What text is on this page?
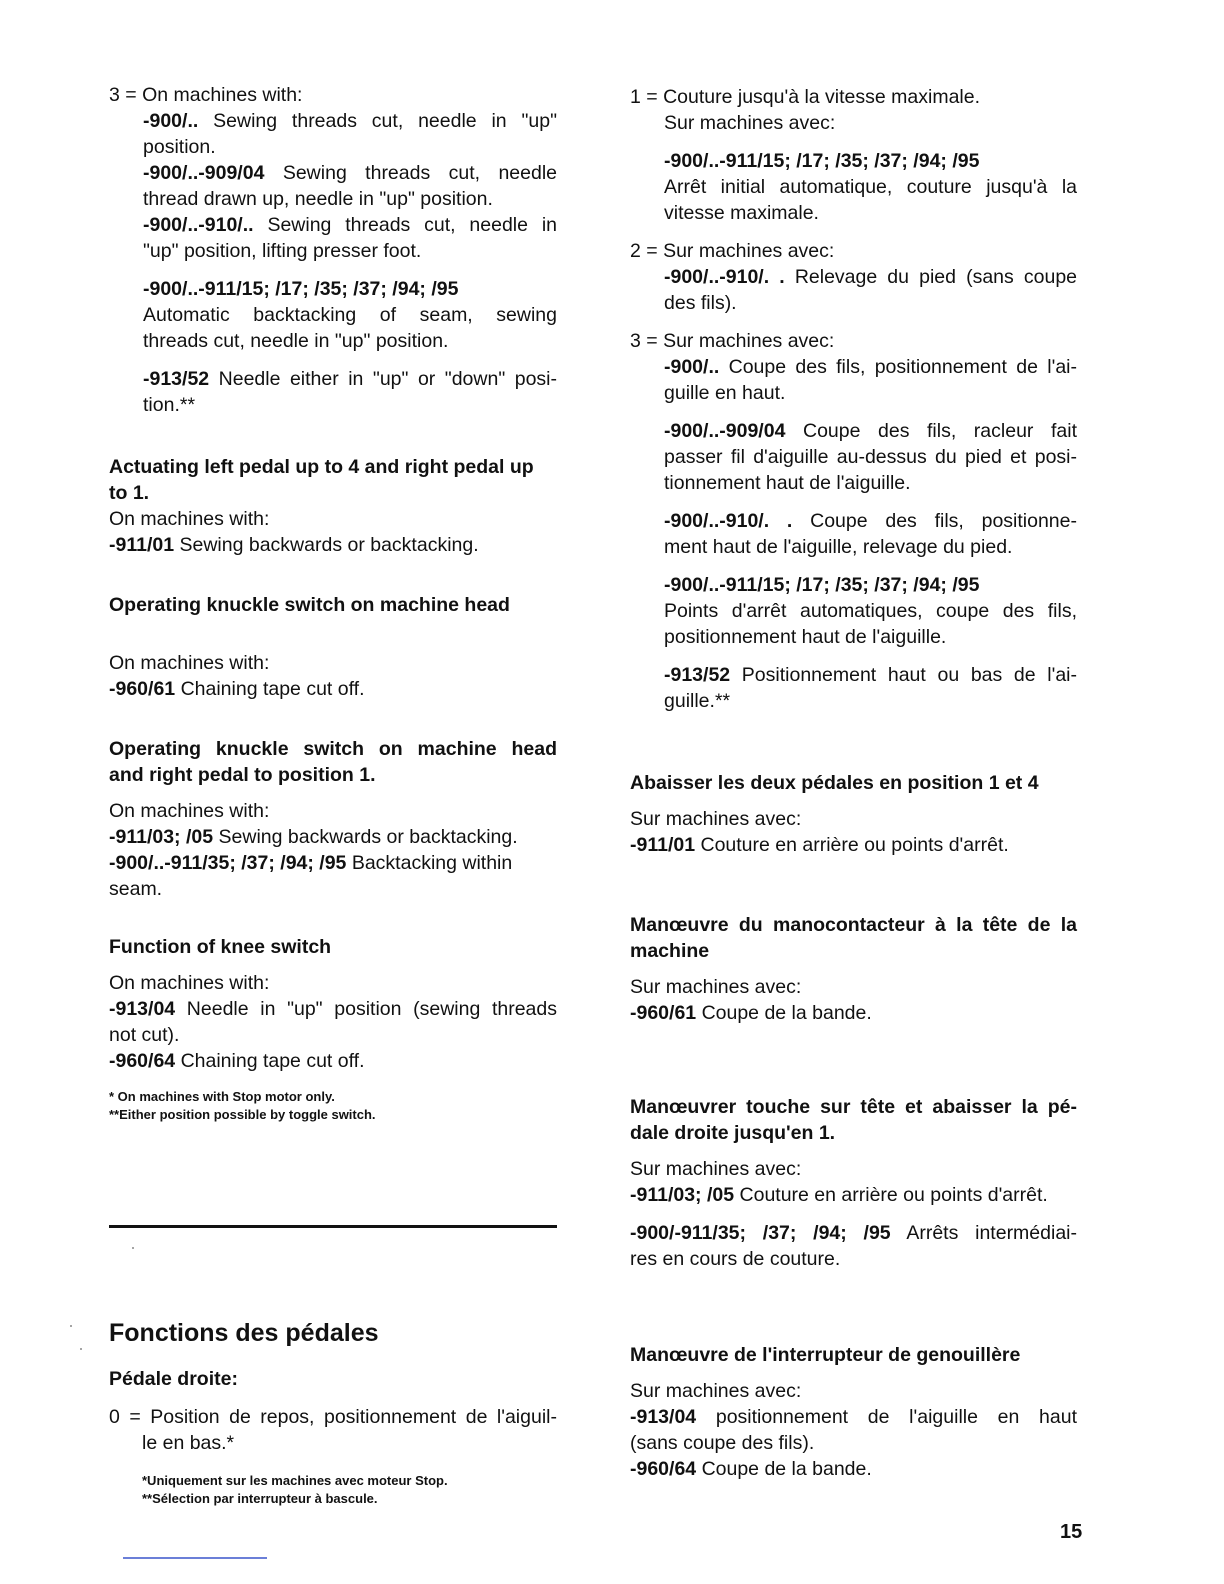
3 = On machines with:

-900/.. Sewing threads cut, needle in "up"

position.

-900/..-909/04 Sewing threads cut, needle

thread drawn up, needle in "up" position.

-900/..-910/.. Sewing threads cut, needle in

"up" position, lifting presser foot.

-900/..-911/15; /17; /35; /37; /94; /95

Automatic backtacking of seam, sewing

threads cut, needle in "up" position.

-913/52 Needle either in "up" or "down" posi-

tion.**

Actuating left pedal up to 4 and right pedal up

to 1.

On machines with:

-911/01 Sewing backwards or backtacking.

Operating knuckle switch on machine head

On machines with:

-960/61 Chaining tape cut off.

Operating knuckle switch on machine head

and right pedal to position 1.

On machines with:

-911/03; /05 Sewing backwards or backtacking.

-900/..-911/35; /37; /94; /95 Backtacking within

seam.

Function of knee switch

On machines with:

-913/04 Needle in "up" position (sewing threads

not cut).

-960/64 Chaining tape cut off.

* On machines with Stop motor only.

**Either position possible by toggle switch.

Fonctions des pédales

Pédale droite:

0 = Position de repos, positionnement de l'aiguil-

le en bas.*

*Uniquement sur les machines avec moteur Stop.

**Sélection par interrupteur à bascule.

1 = Couture jusqu'à la vitesse maximale.

Sur machines avec:

-900/..-911/15; /17; /35; /37; /94; /95

Arrêt initial automatique, couture jusqu'à la

vitesse maximale.

2 = Sur machines avec:

-900/..-910/. . Relevage du pied (sans coupe

des fils).

3 = Sur machines avec:

-900/.. Coupe des fils, positionnement de l'ai-

guille en haut.

-900/..-909/04 Coupe des fils, racleur fait

passer fil d'aiguille au-dessus du pied et posi-

tionnement haut de l'aiguille.

-900/..-910/. . Coupe des fils, positionne-

ment haut de l'aiguille, relevage du pied.

-900/..-911/15; /17; /35; /37; /94; /95

Points d'arrêt automatiques, coupe des fils,

positionnement haut de l'aiguille.

-913/52 Positionnement haut ou bas de l'ai-

guille.**

Abaisser les deux pédales en position 1 et 4

Sur machines avec:

-911/01 Couture en arrière ou points d'arrêt.

Manœuvre du manocontacteur à la tête de la

machine

Sur machines avec:

-960/61 Coupe de la bande.

Manœuvrer touche sur tête et abaisser la pé-

dale droite jusqu'en 1.

Sur machines avec:

-911/03; /05 Couture en arrière ou points d'arrêt.

-900/-911/35; /37; /94; /95 Arrêts intermédiai-

res en cours de couture.

Manœuvre de l'interrupteur de genouillère

Sur machines avec:

-913/04 positionnement de l'aiguille en haut

(sans coupe des fils).

-960/64 Coupe de la bande.

15
